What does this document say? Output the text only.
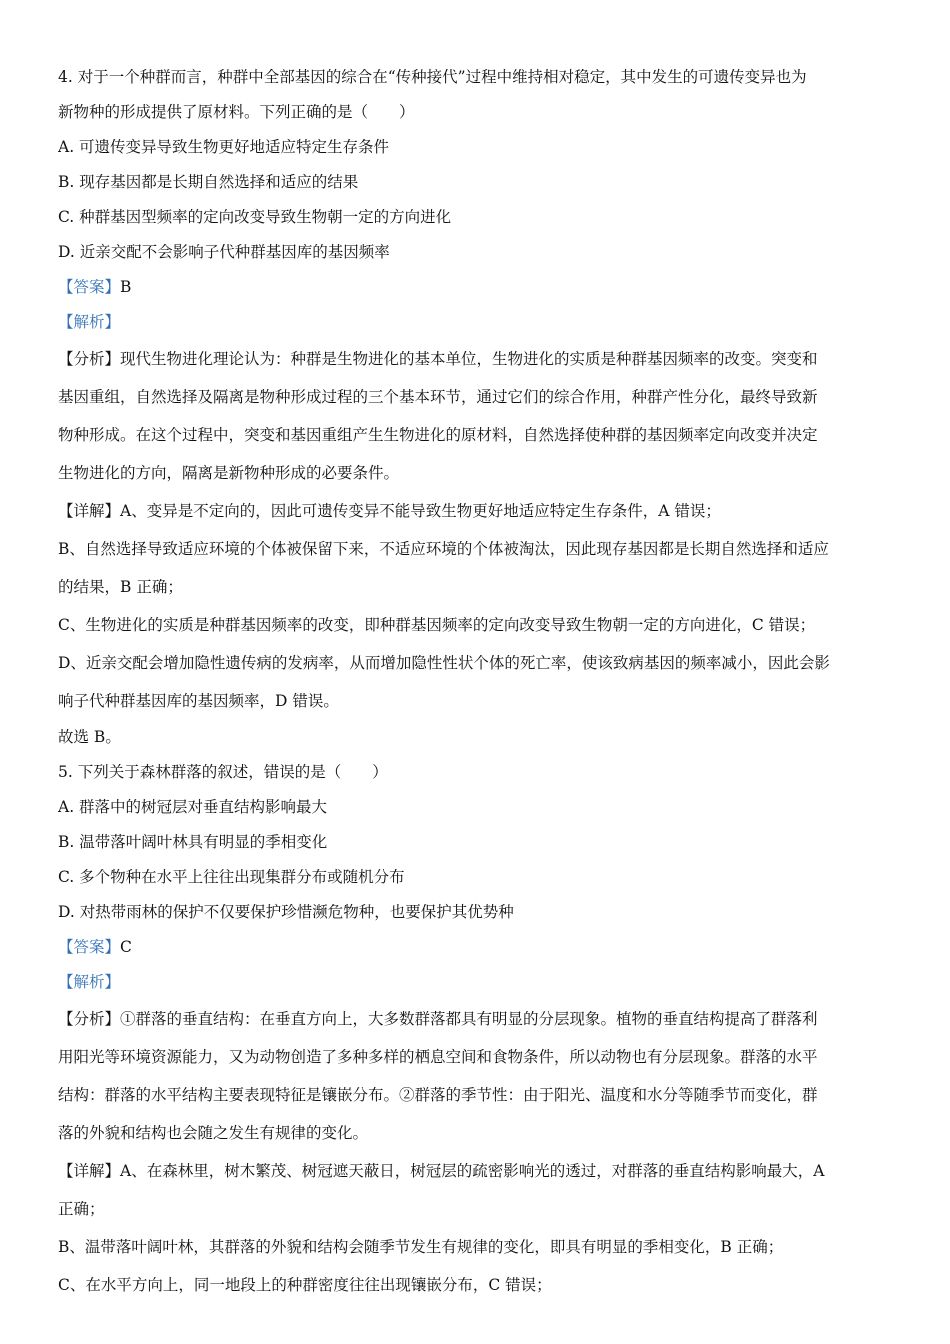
4. 对于一个种群而言，种群中全部基因的综合在“传种接代”过程中维持相对稳定，其中发生的可遗传变异也为
新物种的形成提供了原材料。下列正确的是（　　）
A. 可遗传变异导致生物更好地适应特定生存条件
B. 现存基因都是长期自然选择和适应的结果
C. 种群基因型频率的定向改变导致生物朝一定的方向进化
D. 近亲交配不会影响子代种群基因库的基因频率
【答案】B
【解析】
【分析】现代生物进化理论认为：种群是生物进化的基本单位，生物进化的实质是种群基因频率的改变。突变和
基因重组，自然选择及隔离是物种形成过程的三个基本环节，通过它们的综合作用，种群产性分化，最终导致新
物种形成。在这个过程中，突变和基因重组产生生物进化的原材料，自然选择使种群的基因频率定向改变并决定
生物进化的方向，隔离是新物种形成的必要条件。
【详解】A、变异是不定向的，因此可遗传变异不能导致生物更好地适应特定生存条件，A 错误；
B、自然选择导致适应环境的个体被保留下来，不适应环境的个体被淘汰，因此现存基因都是长期自然选择和适应
的结果，B 正确；
C、生物进化的实质是种群基因频率的改变，即种群基因频率的定向改变导致生物朝一定的方向进化，C 错误；
D、近亲交配会增加隐性遗传病的发病率，从而增加隐性性状个体的死亡率，使该致病基因的频率减小，因此会影
响子代种群基因库的基因频率，D 错误。
故选 B。
5. 下列关于森林群落的叙述，错误的是（　　）
A. 群落中的树冠层对垂直结构影响最大
B. 温带落叶阔叶林具有明显的季相变化
C. 多个物种在水平上往往出现集群分布或随机分布
D. 对热带雨林的保护不仅要保护珍惜濒危物种，也要保护其优势种
【答案】C
【解析】
【分析】①群落的垂直结构：在垂直方向上，大多数群落都具有明显的分层现象。植物的垂直结构提高了群落利
用阳光等环境资源能力，又为动物创造了多种多样的栖息空间和食物条件，所以动物也有分层现象。群落的水平
结构：群落的水平结构主要表现特征是镶嵌分布。②群落的季节性：由于阳光、温度和水分等随季节而变化，群
落的外貌和结构也会随之发生有规律的变化。
【详解】A、在森林里，树木繁茂、树冠遮天蔽日，树冠层的疏密影响光的透过，对群落的垂直结构影响最大，A
正确；
B、温带落叶阔叶林，其群落的外貌和结构会随季节发生有规律的变化，即具有明显的季相变化，B 正确；
C、在水平方向上，同一地段上的种群密度往往出现镶嵌分布，C 错误；
